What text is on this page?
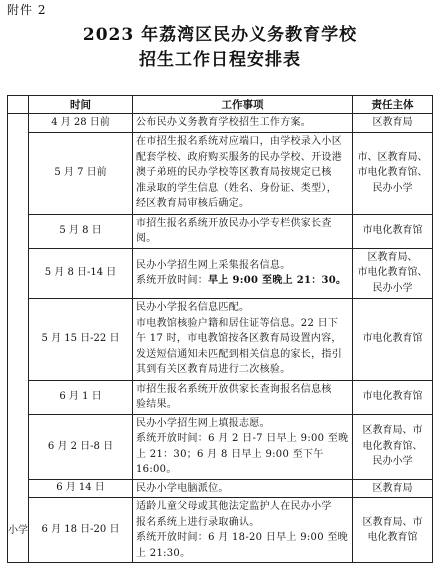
附件 2
2023 年荔湾区民办义务教育学校
招生工作日程安排表
	时间	工作事项	责任主体
小学	4 月 28 日前	公布民办义务教育学校招生工作方案。	区教育局

	5 月 7 日前	在市招生报名系统对应端口，由学校录入小区
配套学校、政府购买服务的民办学校、开设港
澳子弟班的民办学校等区教育局按规定已核
准录取的学生信息（姓名、身份证、类型），
经区教育局审核后确定。	市、区教育局、
市电化教育馆、
民办小学

	5 月 8 日	市招生报名系统开放民办小学专栏供家长查
阅。	市电化教育馆

	5 月 8 日-14 日	民办小学招生网上采集报名信息。
系统开放时间：早上 9:00 至晚上 21：30。	区教育局、
市电化教育馆、
民办小学

	5 月 15 日-22 日	民办小学报名信息匹配。
市电教馆核验户籍和居住证等信息。22 日下
午 17 时，市电教馆按各区教育局设置内容，
发送短信通知未匹配到相关信息的家长，指引
其到有关区教育局进行二次核验。	市电化教育馆

	6 月 1 日	市招生报名系统开放供家长查询报名信息核
验结果。	市电化教育馆

	6 月 2 日-8 日	民办小学招生网上填报志愿。
系统开放时间：6 月 2 日-7 日早上 9:00 至晚
上 21：30；6 月 8 日早上 9:00 至下午 16:00。	区教育局、市
电化教育馆、
民办小学

	6 月 14 日	民办小学电脑派位。	区教育局

	6 月 18 日-20 日	适龄儿童父母或其他法定监护人在民办小学
报名系统上进行录取确认。
系统开放时间：6 月 18-20 日早上 9:00 至晚
上 21:30。	区教育局、市
电化教育馆
